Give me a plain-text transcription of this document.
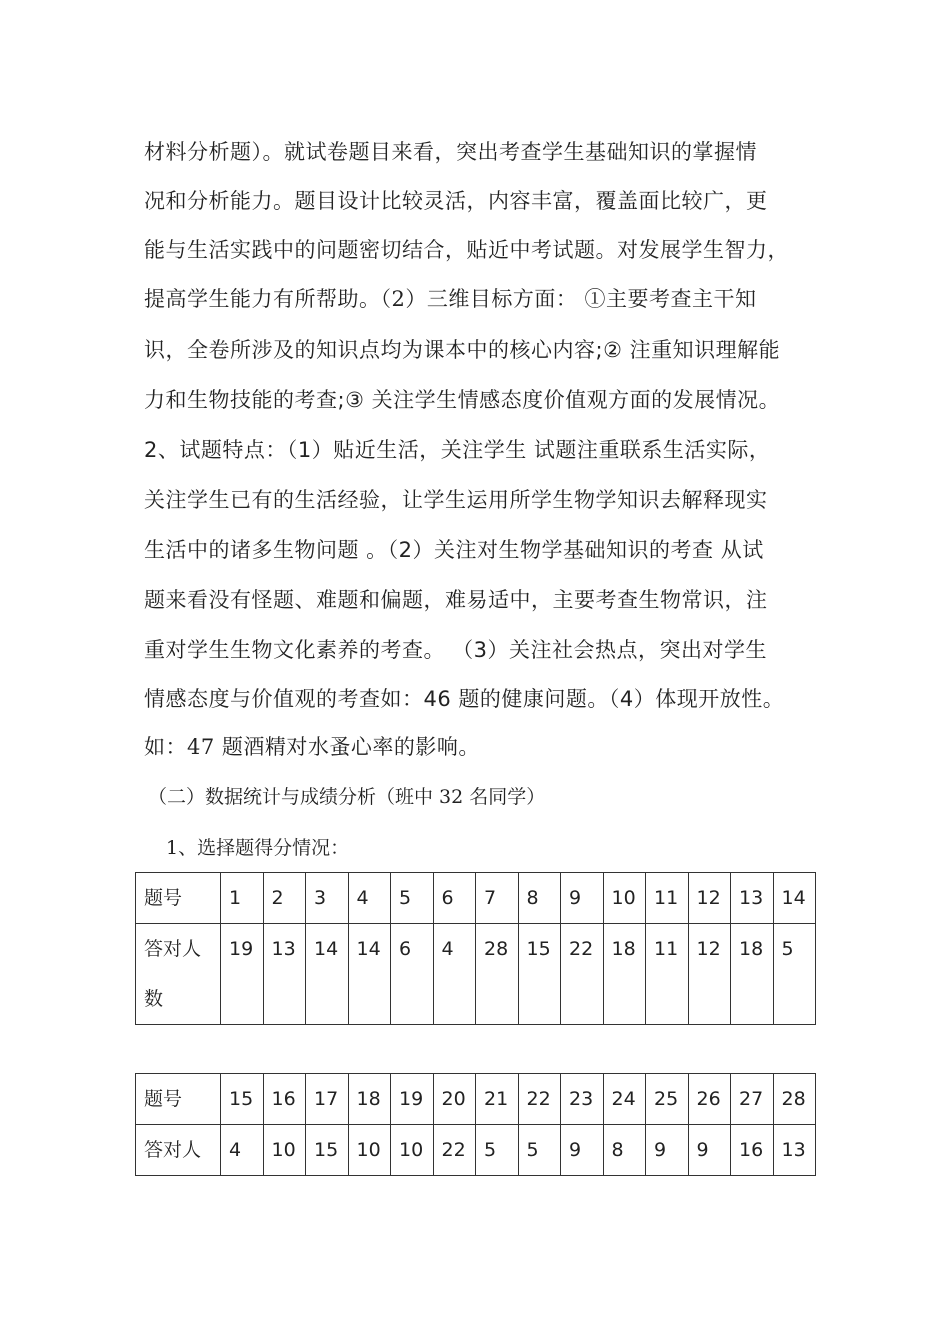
材料分析题）。就试卷题目来看，突出考查学生基础知识的掌握情
况和分析能力。题目设计比较灵活，内容丰富，覆盖面比较广，更
能与生活实践中的问题密切结合，贴近中考试题。对发展学生智力，
提高学生能力有所帮助。（2）三维目标方面： ①主要考查主干知
识，全卷所涉及的知识点均为课本中的核心内容;② 注重知识理解能
力和生物技能的考查;③ 关注学生情感态度价值观方面的发展情况。
2、试题特点：（1）贴近生活，关注学生 试题注重联系生活实际，
关注学生已有的生活经验，让学生运用所学生物学知识去解释现实
生活中的诸多生物问题 。（2）关注对生物学基础知识的考查 从试
题来看没有怪题、难题和偏题，难易适中，主要考查生物常识，注
重对学生生物文化素养的考查。 （3）关注社会热点，突出对学生
情感态度与价值观的考查如：46 题的健康问题。（4）体现开放性。
如：47 题酒精对水蚤心率的影响。
（二）数据统计与成绩分析（班中 32 名同学）
1、选择题得分情况：
题号	1	2	3	4	5	6	7	8	9	10	11	12	13	14

答对人
数	19	13	14	14	6	4	28	15	22	18	11	12	18	5
题号	15	16	17	18	19	20	21	22	23	24	25	26	27	28
答对人	4	10	15	10	10	22	5	5	9	8	9	9	16	13
